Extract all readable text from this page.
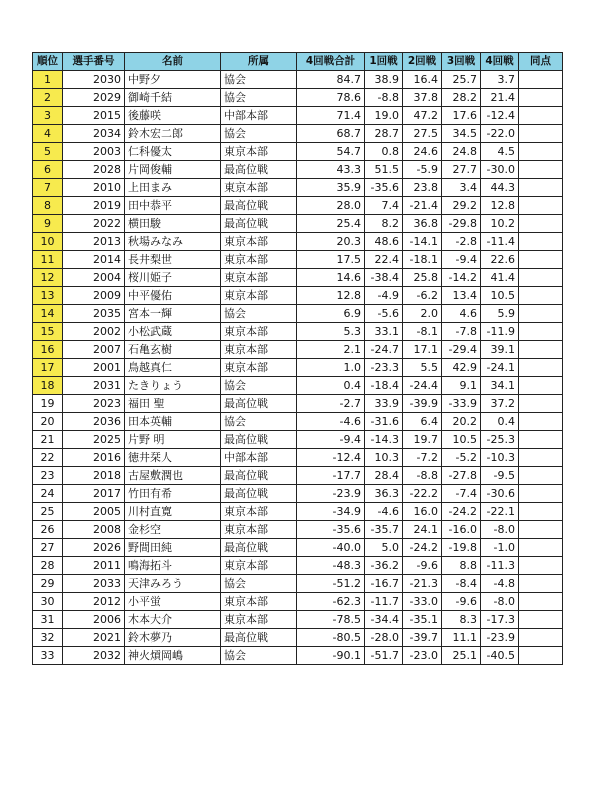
順位	選手番号	名前	所属	4回戦合計	1回戦	2回戦	3回戦	4回戦	同点
1	2030	中野夕	協会	84.7	38.9	16.4	25.7	3.7	
2	2029	御崎千結	協会	78.6	-8.8	37.8	28.2	21.4	
3	2015	後藤咲	中部本部	71.4	19.0	47.2	17.6	-12.4	
4	2034	鈴木宏二郎	協会	68.7	28.7	27.5	34.5	-22.0	
5	2003	仁科優太	東京本部	54.7	0.8	24.6	24.8	4.5	
6	2028	片岡俊輔	最高位戦	43.3	51.5	-5.9	27.7	-30.0	
7	2010	上田まみ	東京本部	35.9	-35.6	23.8	3.4	44.3	
8	2019	田中恭平	最高位戦	28.0	7.4	-21.4	29.2	12.8	
9	2022	横田駿	最高位戦	25.4	8.2	36.8	-29.8	10.2	
10	2013	秋場みなみ	東京本部	20.3	48.6	-14.1	-2.8	-11.4	
11	2014	長井梨世	東京本部	17.5	22.4	-18.1	-9.4	22.6	
12	2004	桜川姫子	東京本部	14.6	-38.4	25.8	-14.2	41.4	
13	2009	中平優佑	東京本部	12.8	-4.9	-6.2	13.4	10.5	
14	2035	宮本一輝	協会	6.9	-5.6	2.0	4.6	5.9	
15	2002	小松武蔵	東京本部	5.3	33.1	-8.1	-7.8	-11.9	
16	2007	石亀玄樹	東京本部	2.1	-24.7	17.1	-29.4	39.1	
17	2001	鳥越真仁	東京本部	1.0	-23.3	5.5	42.9	-24.1	
18	2031	たきりょう	協会	0.4	-18.4	-24.4	9.1	34.1	
19	2023	福田 聖	最高位戦	-2.7	33.9	-39.9	-33.9	37.2	
20	2036	田本英輔	協会	-4.6	-31.6	6.4	20.2	0.4	
21	2025	片野 明	最高位戦	-9.4	-14.3	19.7	10.5	-25.3	
22	2016	徳井栞人	中部本部	-12.4	10.3	-7.2	-5.2	-10.3	
23	2018	古屋敷潤也	最高位戦	-17.7	28.4	-8.8	-27.8	-9.5	
24	2017	竹田有希	最高位戦	-23.9	36.3	-22.2	-7.4	-30.6	
25	2005	川村直寛	東京本部	-34.9	-4.6	16.0	-24.2	-22.1	
26	2008	金杉空	東京本部	-35.6	-35.7	24.1	-16.0	-8.0	
27	2026	野間田純	最高位戦	-40.0	5.0	-24.2	-19.8	-1.0	
28	2011	鳴海拓斗	東京本部	-48.3	-36.2	-9.6	8.8	-11.3	
29	2033	天津みろう	協会	-51.2	-16.7	-21.3	-8.4	-4.8	
30	2012	小平蛍	東京本部	-62.3	-11.7	-33.0	-9.6	-8.0	
31	2006	木本大介	東京本部	-78.5	-34.4	-35.1	8.3	-17.3	
32	2021	鈴木夢乃	最高位戦	-80.5	-28.0	-39.7	11.1	-23.9	
33	2032	神火熕岡嶋	協会	-90.1	-51.7	-23.0	25.1	-40.5	
